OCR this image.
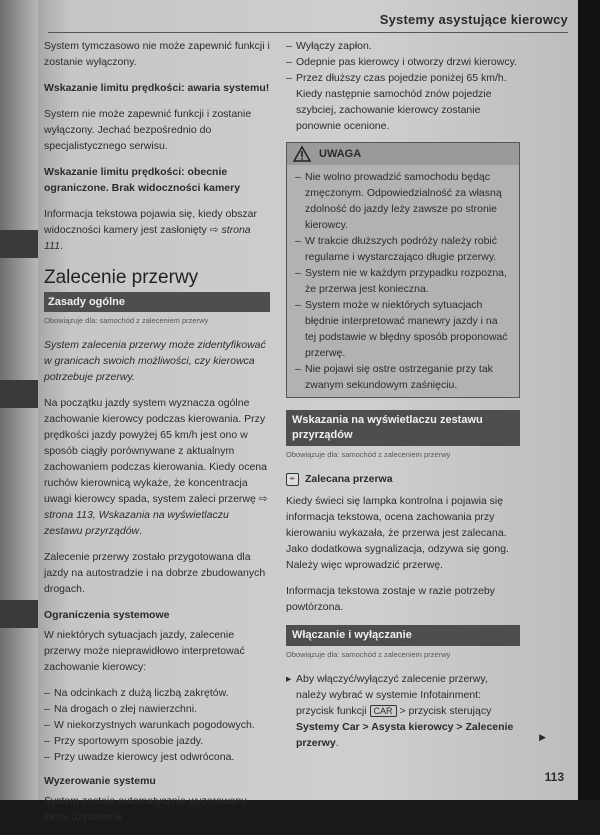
Systemy asystujące kierowcy

System tymczasowo nie może zapewnić funkcji i zostanie wyłączony.

Wskazanie limitu prędkości: awaria systemu!

System nie może zapewnić funkcji i zostanie wyłączony. Jechać bezpośrednio do specjalistycznego serwisu.

Wskazanie limitu prędkości: obecnie ograniczone. Brak widoczności kamery

Informacja tekstowa pojawia się, kiedy obszar widoczności kamery jest zasłonięty ⇨ strona 111.

Zalecenie przerwy
Zasady ogólne
Obowiązuje dla: samochód z zaleceniem przerwy

System zalecenia przerwy może zidentyfikować w granicach swoich możliwości, czy kierowca potrzebuje przerwy.

Na początku jazdy system wyznacza ogólne zachowanie kierowcy podczas kierowania. Przy prędkości jazdy powyżej 65 km/h jest ono w sposób ciągły porównywane z aktualnym zachowaniem podczas kierowania. Kiedy ocena ruchów kierownicą wykaże, że koncentracja uwagi kierowcy spada, system zaleci przerwę ⇨ strona 113, Wskazania na wyświetlaczu zestawu przyrządów.

Zalecenie przerwy zostało przygotowana dla jazdy na autostradzie i na dobrze zbudowanych drogach.

Ograniczenia systemowe

W niektórych sytuacjach jazdy, zalecenie przerwy może nieprawidłowo interpretować zachowanie kierowcy:

– Na odcinkach z dużą liczbą zakrętów.
– Na drogach o złej nawierzchni.
– W niekorzystnych warunkach pogodowych.
– Przy sportowym sposobie jazdy.
– Przy uwadze kierowcy jest odwrócona.
Wyzerowanie systemu

System zostaje automatycznie wyzerowany, kiedy użytkownik

– Wyłączy zapłon.
– Odepnie pas kierowcy i otworzy drzwi kierowcy.
– Przez dłuższy czas pojedzie poniżej 65 km/h. Kiedy następnie samochód znów pojedzie szybciej, zachowanie kierowcy zostanie ponownie ocenione.
UWAGA
– Nie wolno prowadzić samochodu będąc zmęczonym. Odpowiedzialność za własną zdolność do jazdy leży zawsze po stronie kierowcy.
– W trakcie dłuższych podróży należy robić regularne i wystarczająco długie przerwy.
– System nie w każdym przypadku rozpozna, że przerwa jest konieczna.
– System może w niektórych sytuacjach błędnie interpretować manewry jazdy i na tej podstawie w błędny sposób proponować przerwę.
– Nie pojawi się ostre ostrzeganie przy tak zwanym sekundowym zaśnięciu.
Wskazania na wyświetlaczu zestawu przyrządów
Obowiązuje dla: samochód z zaleceniem przerwy
☕ Zalecana przerwa

Kiedy świeci się lampka kontrolna i pojawia się informacja tekstowa, ocena zachowania przy kierowaniu wykazała, że przerwa jest zalecana. Jako dodatkowa sygnalizacja, odzywa się gong. Należy więc wprowadzić przerwę.

Informacja tekstowa zostaje w razie potrzeby powtórzona.

Włączanie i wyłączanie
Obowiązuje dla: samochód z zaleceniem przerwy
▸ Aby włączyć/wyłączyć zalecenie przerwy, należy wybrać w systemie Infotainment: przycisk funkcji CAR > przycisk sterujący Systemy Car > Asysta kierowcy > Zalecenie przerwy.	▶
113
